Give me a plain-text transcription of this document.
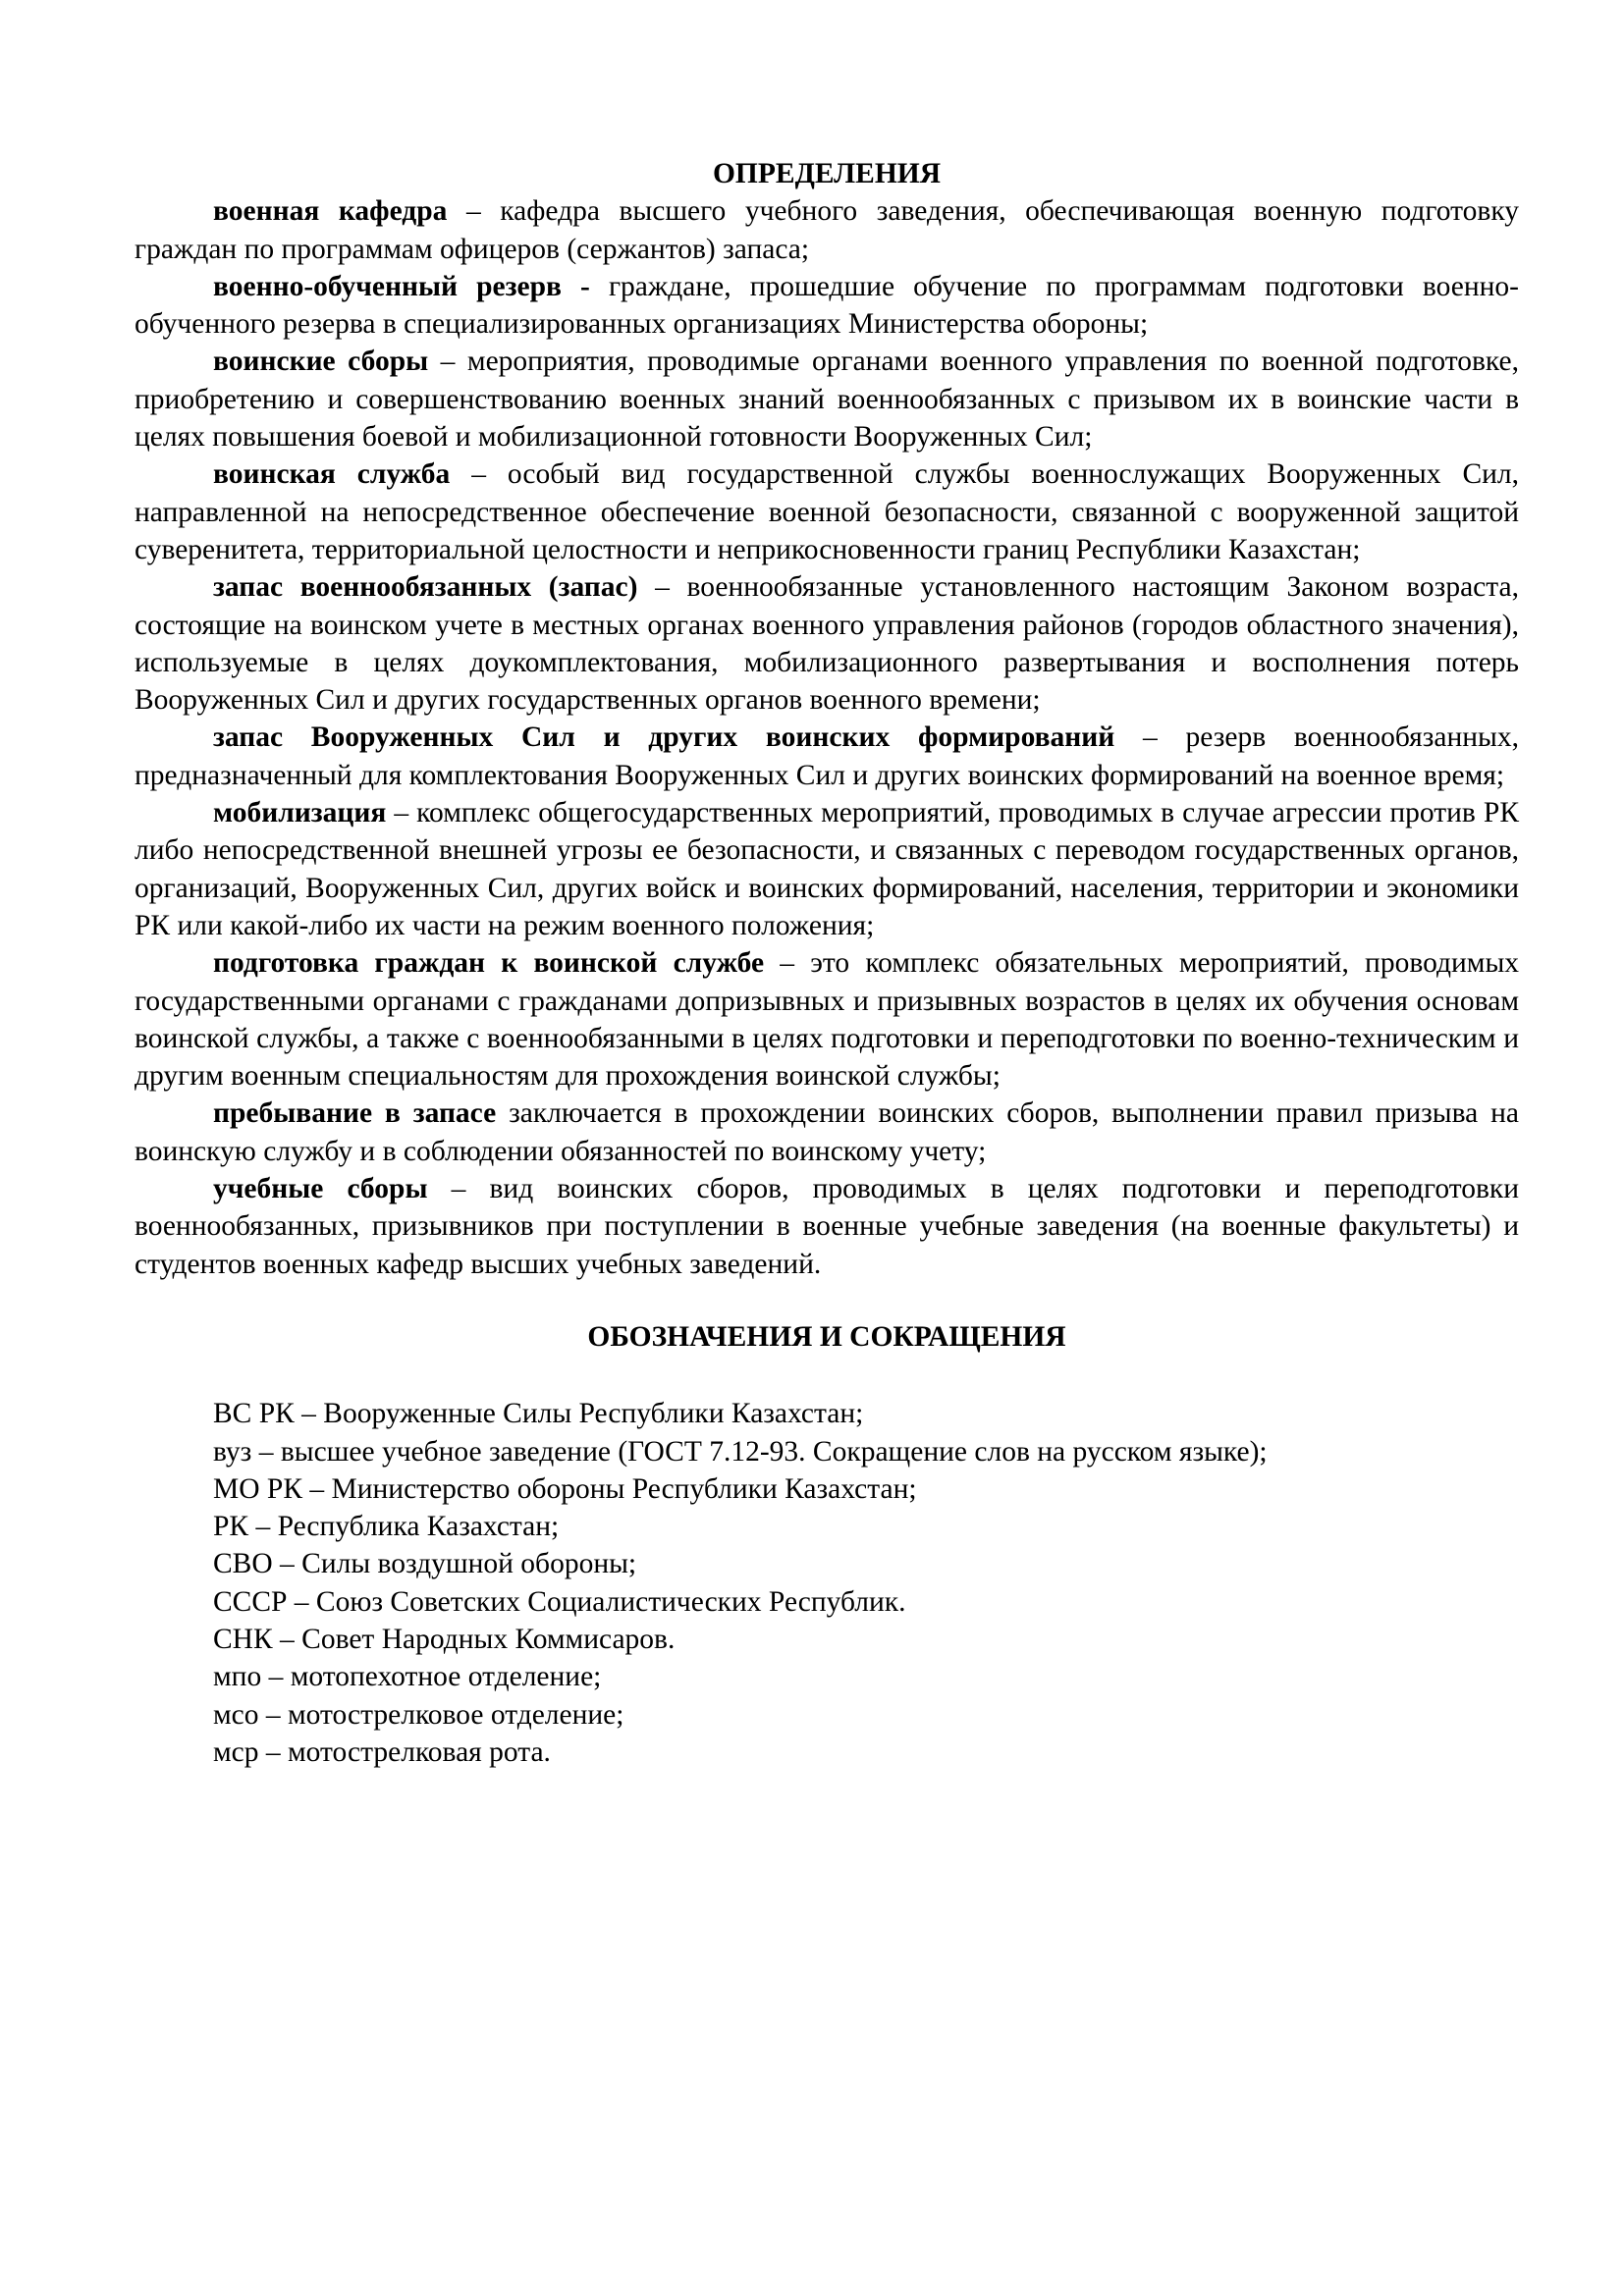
ОПРЕДЕЛЕНИЯ

военная кафедра – кафедра высшего учебного заведения, обеспечивающая военную подготовку граждан по программам офицеров (сержантов) запаса;

военно-обученный резерв - граждане, прошедшие обучение по программам подготовки военно-обученного резерва в специализированных организациях Министерства обороны;

воинские сборы – мероприятия, проводимые органами военного управления по военной подготовке, приобретению и совершенствованию военных знаний военнообязанных с призывом их в воинские части в целях повышения боевой и мобилизационной готовности Вооруженных Сил;

воинская служба – особый вид государственной службы военнослужащих Вооруженных Сил, направленной на непосредственное обеспечение военной безопасности, связанной с вооруженной защитой суверенитета, территориальной целостности и неприкосновенности границ Республики Казахстан;

запас военнообязанных (запас) – военнообязанные установленного настоящим Законом возраста, состоящие на воинском учете в местных органах военного управления районов (городов областного значения), используемые в целях доукомплектования, мобилизационного развертывания и восполнения потерь Вооруженных Сил и других государственных органов военного времени;

запас Вооруженных Сил и других воинских формирований – резерв военнообязанных, предназначенный для комплектования Вооруженных Сил и других воинских формирований на военное время;

мобилизация – комплекс общегосударственных мероприятий, проводимых в случае агрессии против РК либо непосредственной внешней угрозы ее безопасности, и связанных с переводом государственных органов, организаций, Вооруженных Сил, других войск и воинских формирований, населения, территории и экономики РК или какой-либо их части на режим военного положения;

подготовка граждан к воинской службе – это комплекс обязательных мероприятий, проводимых государственными органами с гражданами допризывных и призывных возрастов в целях их обучения основам воинской службы, а также с военнообязанными в целях подготовки и переподготовки по военно-техническим и другим военным специальностям для прохождения воинской службы;

пребывание в запасе заключается в прохождении воинских сборов, выполнении правил призыва на воинскую службу и в соблюдении обязанностей по воинскому учету;

учебные сборы – вид воинских сборов, проводимых в целях подготовки и переподготовки военнообязанных, призывников при поступлении в военные учебные заведения (на военные факультеты) и студентов военных кафедр высших учебных заведений.

ОБОЗНАЧЕНИЯ И СОКРАЩЕНИЯ
ВС РК – Вооруженные Силы Республики Казахстан;
вуз – высшее учебное заведение (ГОСТ 7.12-93. Сокращение слов на русском языке);
МО РК – Министерство обороны Республики Казахстан;
РК – Республика Казахстан;
СВО – Силы воздушной обороны;
СССР – Союз Советских Социалистических Республик.
СНК – Совет Народных Коммисаров.
мпо – мотопехотное отделение;
мсо – мотострелковое отделение;
мср – мотострелковая рота.
